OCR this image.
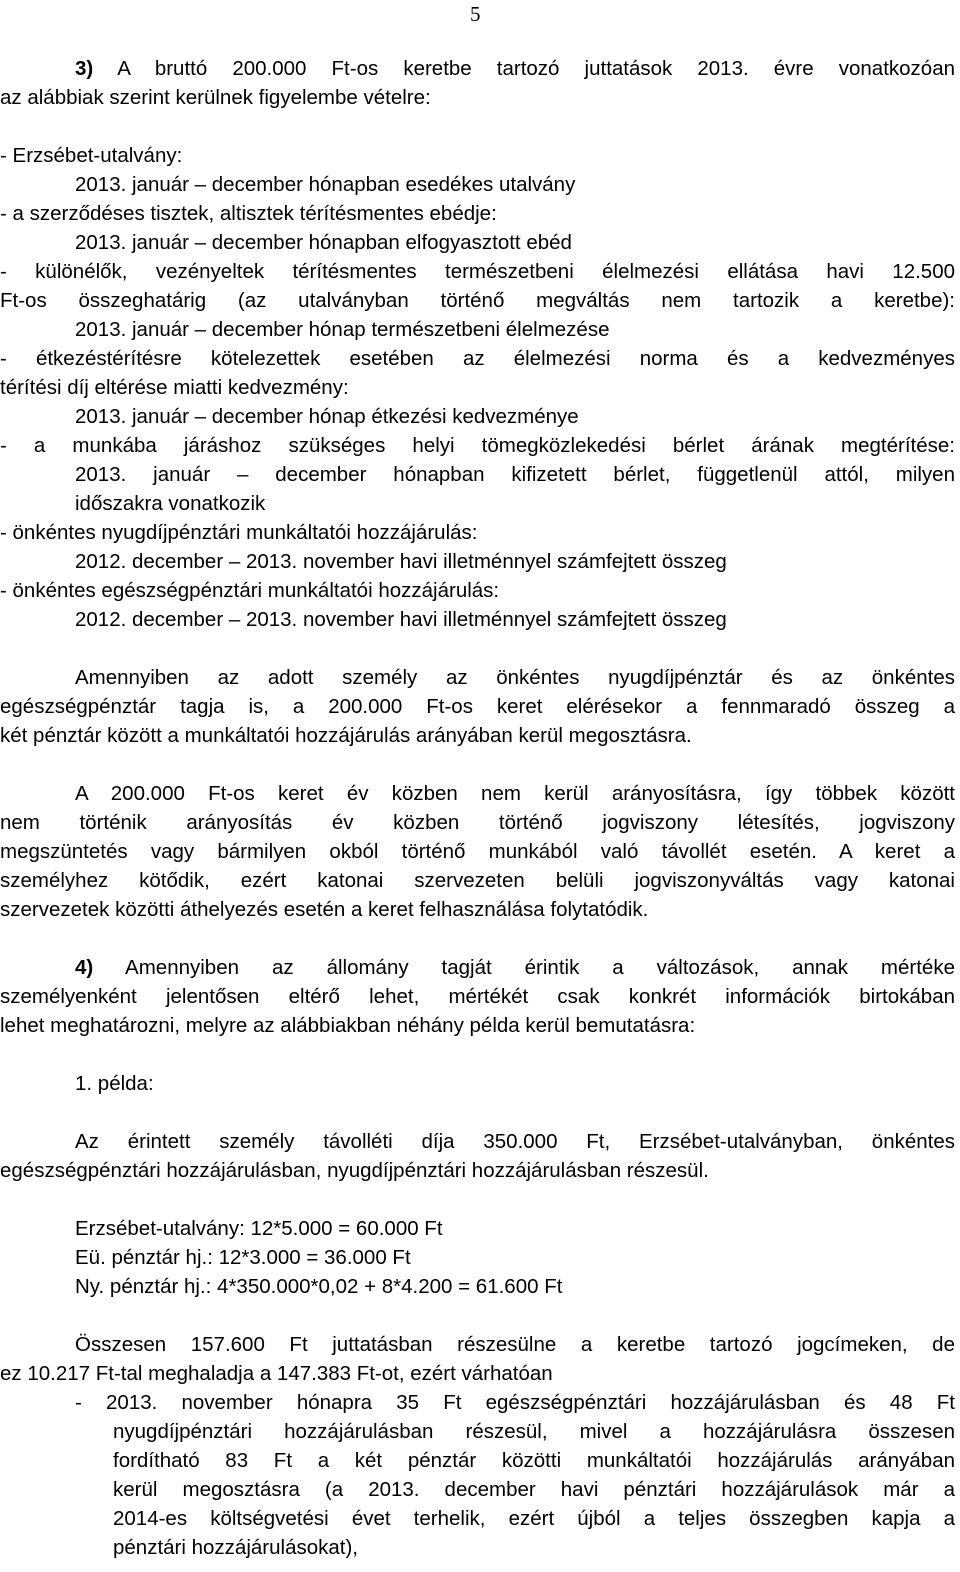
5
3) A bruttó 200.000 Ft-os keretbe tartozó juttatások 2013. évre vonatkozóan
az alábbiak szerint kerülnek figyelembe vételre:
- Erzsébet-utalvány:
2013. január – december hónapban esedékes utalvány
- a szerződéses tisztek, altisztek térítésmentes ebédje:
2013. január – december hónapban elfogyasztott ebéd
- különélők, vezényeltek térítésmentes természetbeni élelmezési ellátása havi 12.500
Ft-os összeghatárig (az utalványban történő megváltás nem tartozik a keretbe):
2013. január – december hónap természetbeni élelmezése
- étkezéstérítésre kötelezettek esetében az élelmezési norma és a kedvezményes
térítési díj eltérése miatti kedvezmény:
2013. január – december hónap étkezési kedvezménye
- a munkába járáshoz szükséges helyi tömegközlekedési bérlet árának megtérítése:
2013. január – december hónapban kifizetett bérlet, függetlenül attól, milyen
időszakra vonatkozik
- önkéntes nyugdíjpénztári munkáltatói hozzájárulás:
2012. december – 2013. november havi illetménnyel számfejtett összeg
- önkéntes egészségpénztári munkáltatói hozzájárulás:
2012. december – 2013. november havi illetménnyel számfejtett összeg
Amennyiben az adott személy az önkéntes nyugdíjpénztár és az önkéntes
egészségpénztár tagja is, a 200.000 Ft-os keret elérésekor a fennmaradó összeg a
két pénztár között a munkáltatói hozzájárulás arányában kerül megosztásra.
A 200.000 Ft-os keret év közben nem kerül arányosításra, így többek között
nem történik arányosítás év közben történő jogviszony létesítés, jogviszony
megszüntetés vagy bármilyen okból történő munkából való távollét esetén. A keret a
személyhez kötődik, ezért katonai szervezeten belüli jogviszonyváltás vagy katonai
szervezetek közötti áthelyezés esetén a keret felhasználása folytatódik.
4) Amennyiben az állomány tagját érintik a változások, annak mértéke
személyenként jelentősen eltérő lehet, mértékét csak konkrét információk birtokában
lehet meghatározni, melyre az alábbiakban néhány példa kerül bemutatásra:
1. példa:
Az érintett személy távolléti díja 350.000 Ft, Erzsébet-utalványban, önkéntes
egészségpénztári hozzájárulásban, nyugdíjpénztári hozzájárulásban részesül.
Erzsébet-utalvány: 12*5.000 = 60.000 Ft
Eü. pénztár hj.: 12*3.000 = 36.000 Ft
Ny. pénztár hj.: 4*350.000*0,02 + 8*4.200 = 61.600 Ft
Összesen 157.600 Ft juttatásban részesülne a keretbe tartozó jogcímeken, de
ez 10.217 Ft-tal meghaladja a 147.383 Ft-ot, ezért várhatóan
- 2013. november hónapra 35 Ft egészségpénztári hozzájárulásban és 48 Ft
nyugdíjpénztári hozzájárulásban részesül, mivel a hozzájárulásra összesen
fordítható 83 Ft a két pénztár közötti munkáltatói hozzájárulás arányában
kerül megosztásra (a 2013. december havi pénztári hozzájárulások már a
2014-es költségvetési évet terhelik, ezért újból a teljes összegben kapja a
pénztári hozzájárulásokat),
